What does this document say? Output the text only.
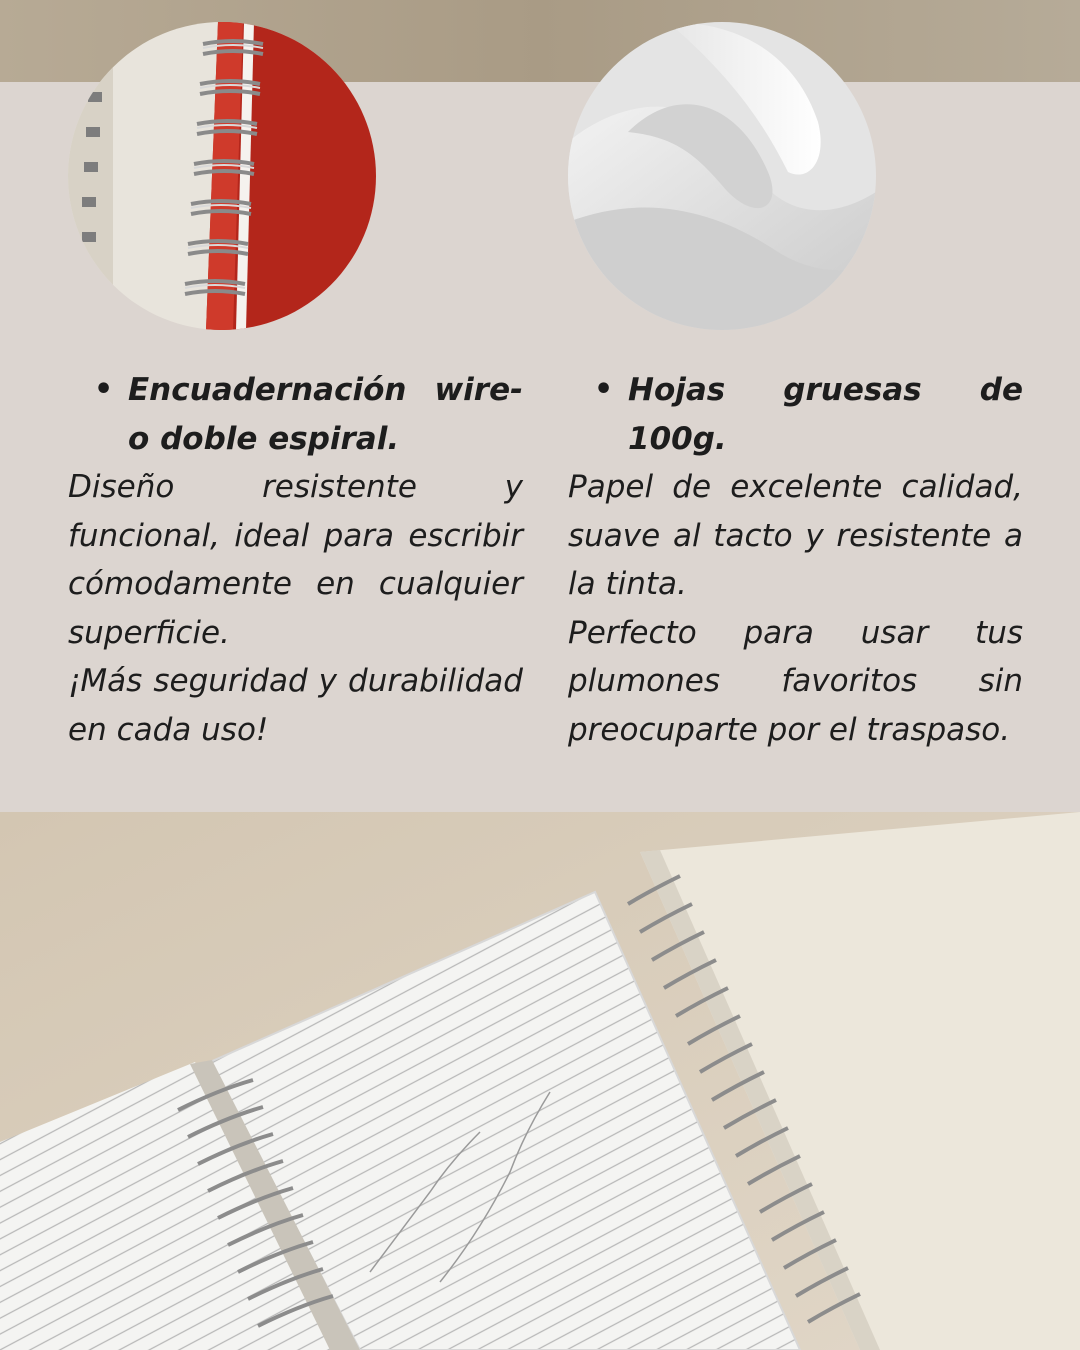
• Encuadernación wire-o doble espiral.

Diseño resistente y funcional, ideal para escribir cómodamente en cualquier superficie.

¡Más seguridad y durabilidad en cada uso!

• Hojas gruesas de 100g.

Papel de excelente calidad, suave al tacto y resistente a la tinta.

Perfecto para usar tus plumones favoritos sin preocuparte por el traspaso.
